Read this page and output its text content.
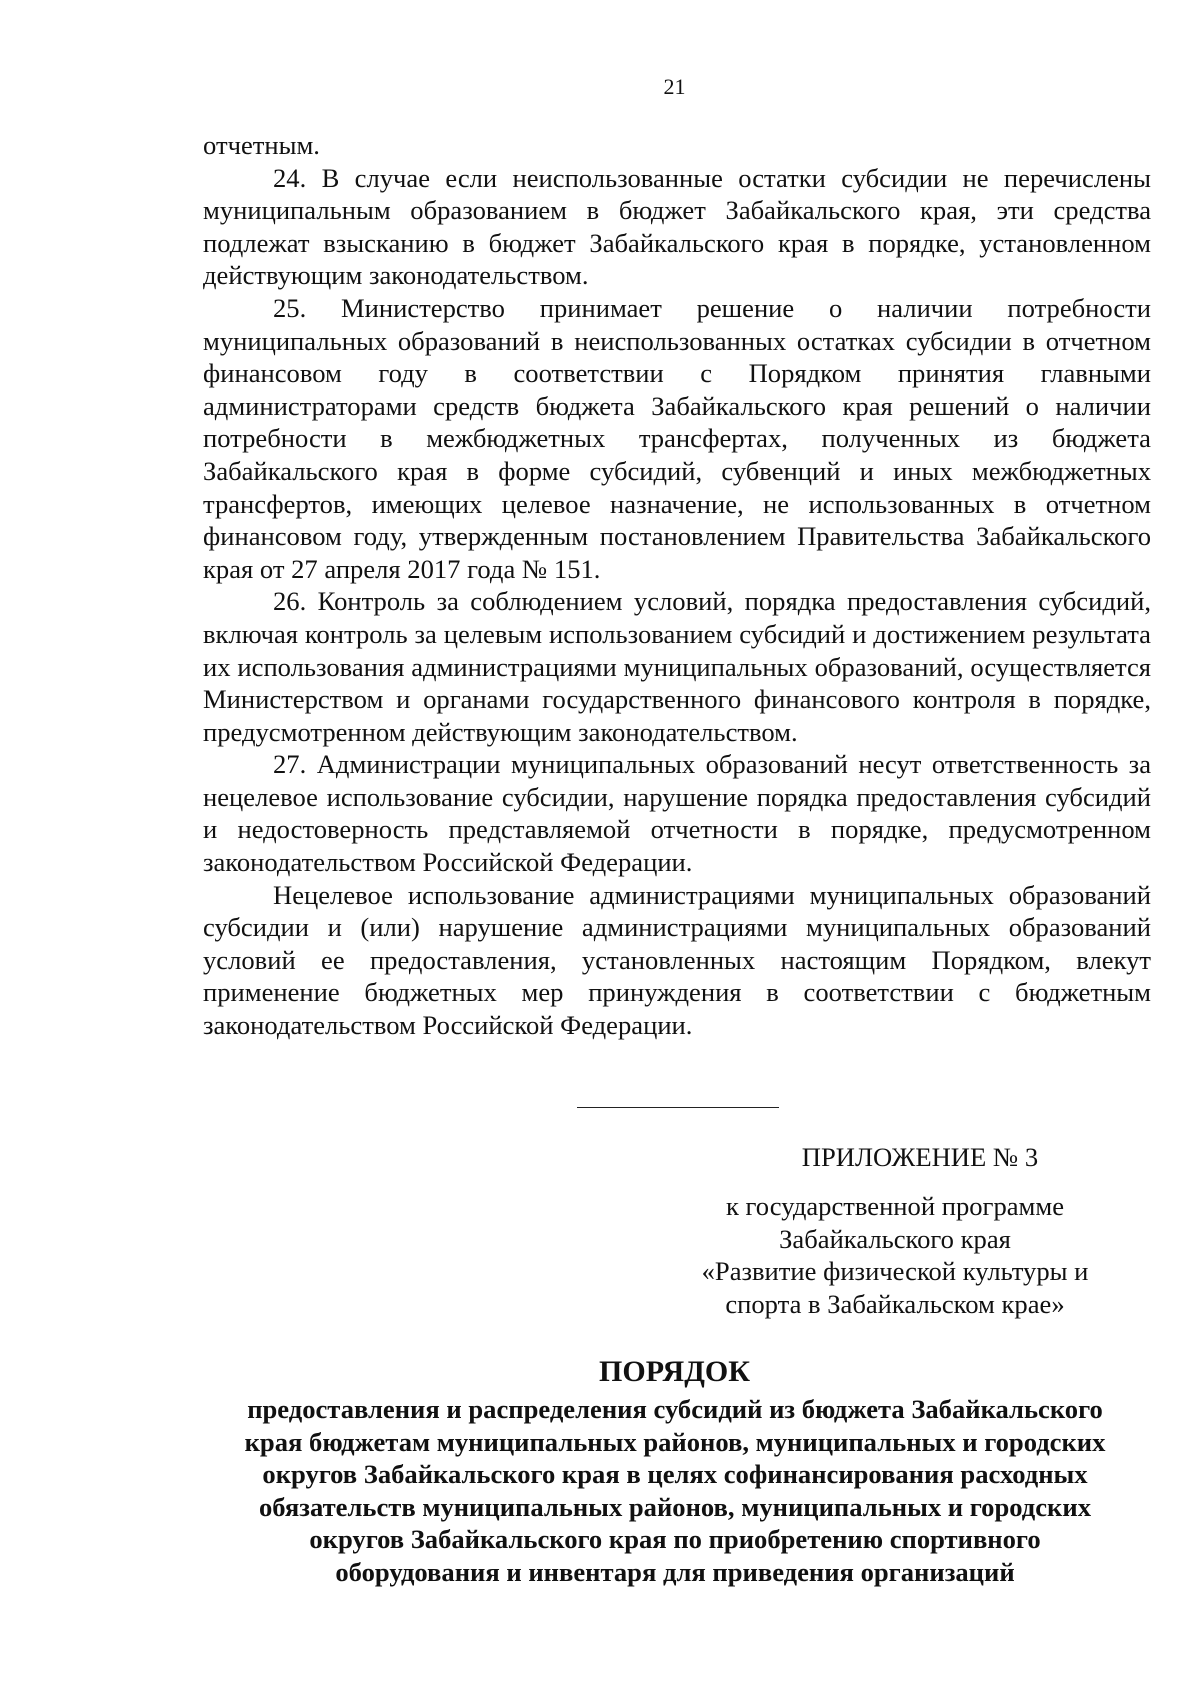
21

отчетным.

24. В случае если неиспользованные остатки субсидии не перечислены муниципальным образованием в бюджет Забайкальского края, эти средства подлежат взысканию в бюджет Забайкальского края в порядке, установленном действующим законодательством.

25. Министерство принимает решение о наличии потребности муниципальных образований в неиспользованных остатках субсидии в отчетном финансовом году в соответствии с Порядком принятия главными администраторами средств бюджета Забайкальского края решений о наличии потребности в межбюджетных трансфертах, полученных из бюджета Забайкальского края в форме субсидий, субвенций и иных межбюджетных трансфертов, имеющих целевое назначение, не использованных в отчетном финансовом году, утвержденным постановлением Правительства Забайкальского края от 27 апреля 2017 года № 151.

26. Контроль за соблюдением условий, порядка предоставления субсидий, включая контроль за целевым использованием субсидий и достижением результата их использования администрациями муниципальных образований, осуществляется Министерством и органами государственного финансового контроля в порядке, предусмотренном действующим законодательством.

27. Администрации муниципальных образований несут ответственность за нецелевое использование субсидии, нарушение порядка предоставления субсидий и недостоверность представляемой отчетности в порядке, предусмотренном законодательством Российской Федерации.

Нецелевое использование администрациями муниципальных образований субсидии и (или) нарушение администрациями муниципальных образований условий ее предоставления, установленных настоящим Порядком, влекут применение бюджетных мер принуждения в соответствии с бюджетным законодательством Российской Федерации.

ПРИЛОЖЕНИЕ № 3
к государственной программе
Забайкальского края
«Развитие физической культуры и
спорта в Забайкальском крае»
ПОРЯДОК
предоставления и распределения субсидий из бюджета Забайкальского
края бюджетам муниципальных районов, муниципальных и городских
округов Забайкальского края в целях софинансирования расходных
обязательств муниципальных районов, муниципальных и городских
округов Забайкальского края по приобретению спортивного
оборудования и инвентаря для приведения организаций
